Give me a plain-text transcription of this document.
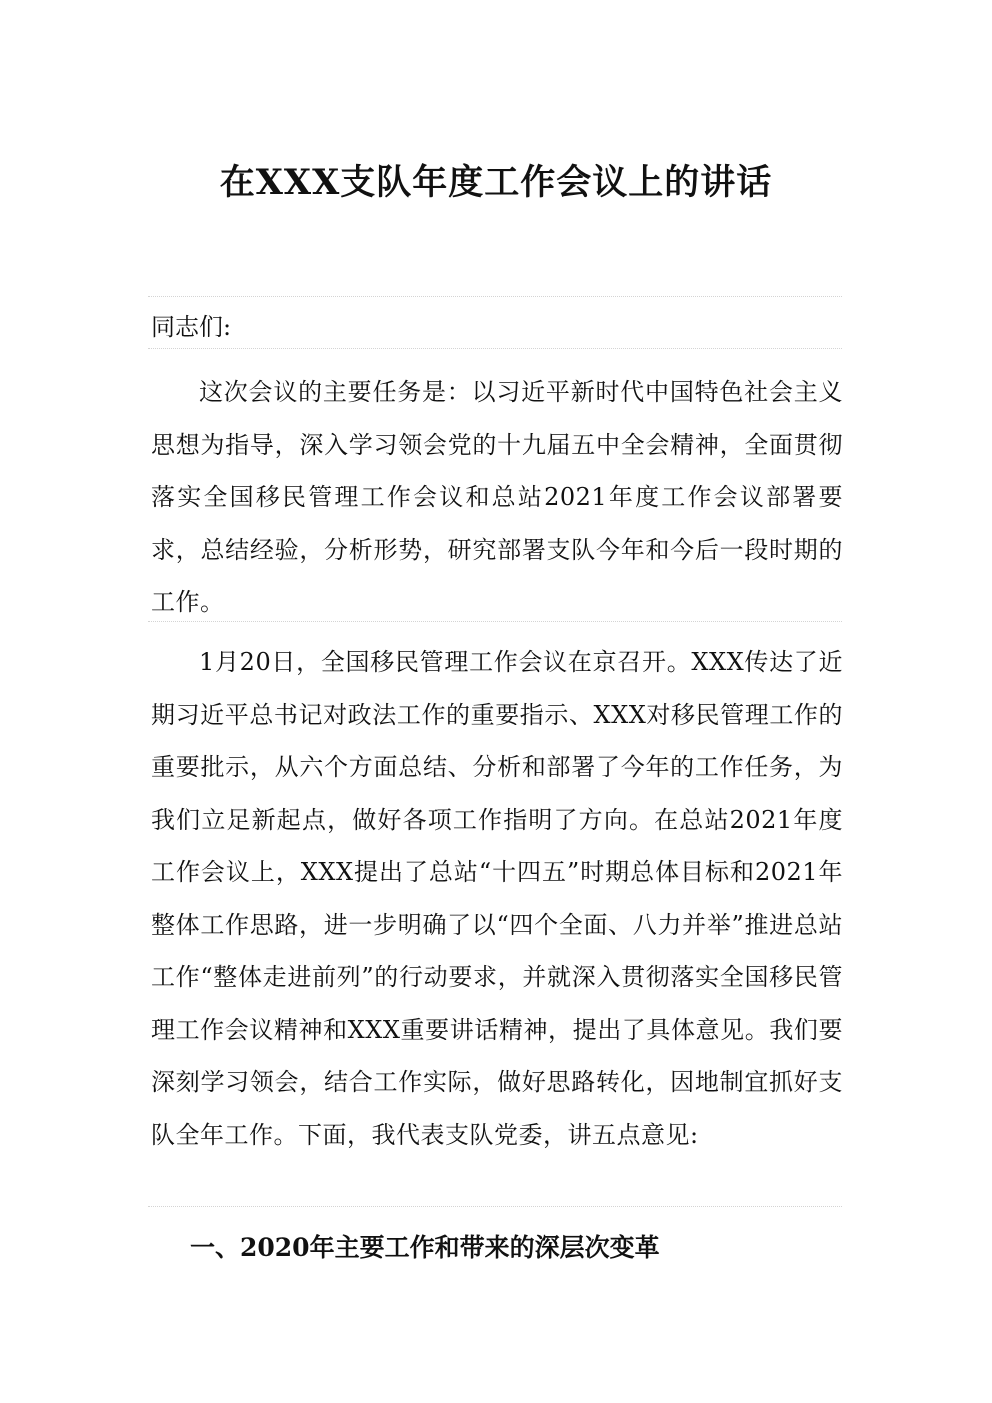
在XXX支队年度工作会议上的讲话
同志们:
这次会议的主要任务是：以习近平新时代中国特色社会主义思想为指导，深入学习领会党的十九届五中全会精神，全面贯彻落实全国移民管理工作会议和总站2021年度工作会议部署要求，总结经验，分析形势，研究部署支队今年和今后一段时期的工作。
1月20日，全国移民管理工作会议在京召开。XXX传达了近期习近平总书记对政法工作的重要指示、XXX对移民管理工作的重要批示，从六个方面总结、分析和部署了今年的工作任务，为我们立足新起点，做好各项工作指明了方向。在总站2021年度工作会议上，XXX提出了总站“十四五”时期总体目标和2021年整体工作思路，进一步明确了以“四个全面、八力并举”推进总站工作“整体走进前列”的行动要求，并就深入贯彻落实全国移民管理工作会议精神和XXX重要讲话精神，提出了具体意见。我们要深刻学习领会，结合工作实际，做好思路转化，因地制宜抓好支队全年工作。下面，我代表支队党委，讲五点意见:
一、2020年主要工作和带来的深层次变革
